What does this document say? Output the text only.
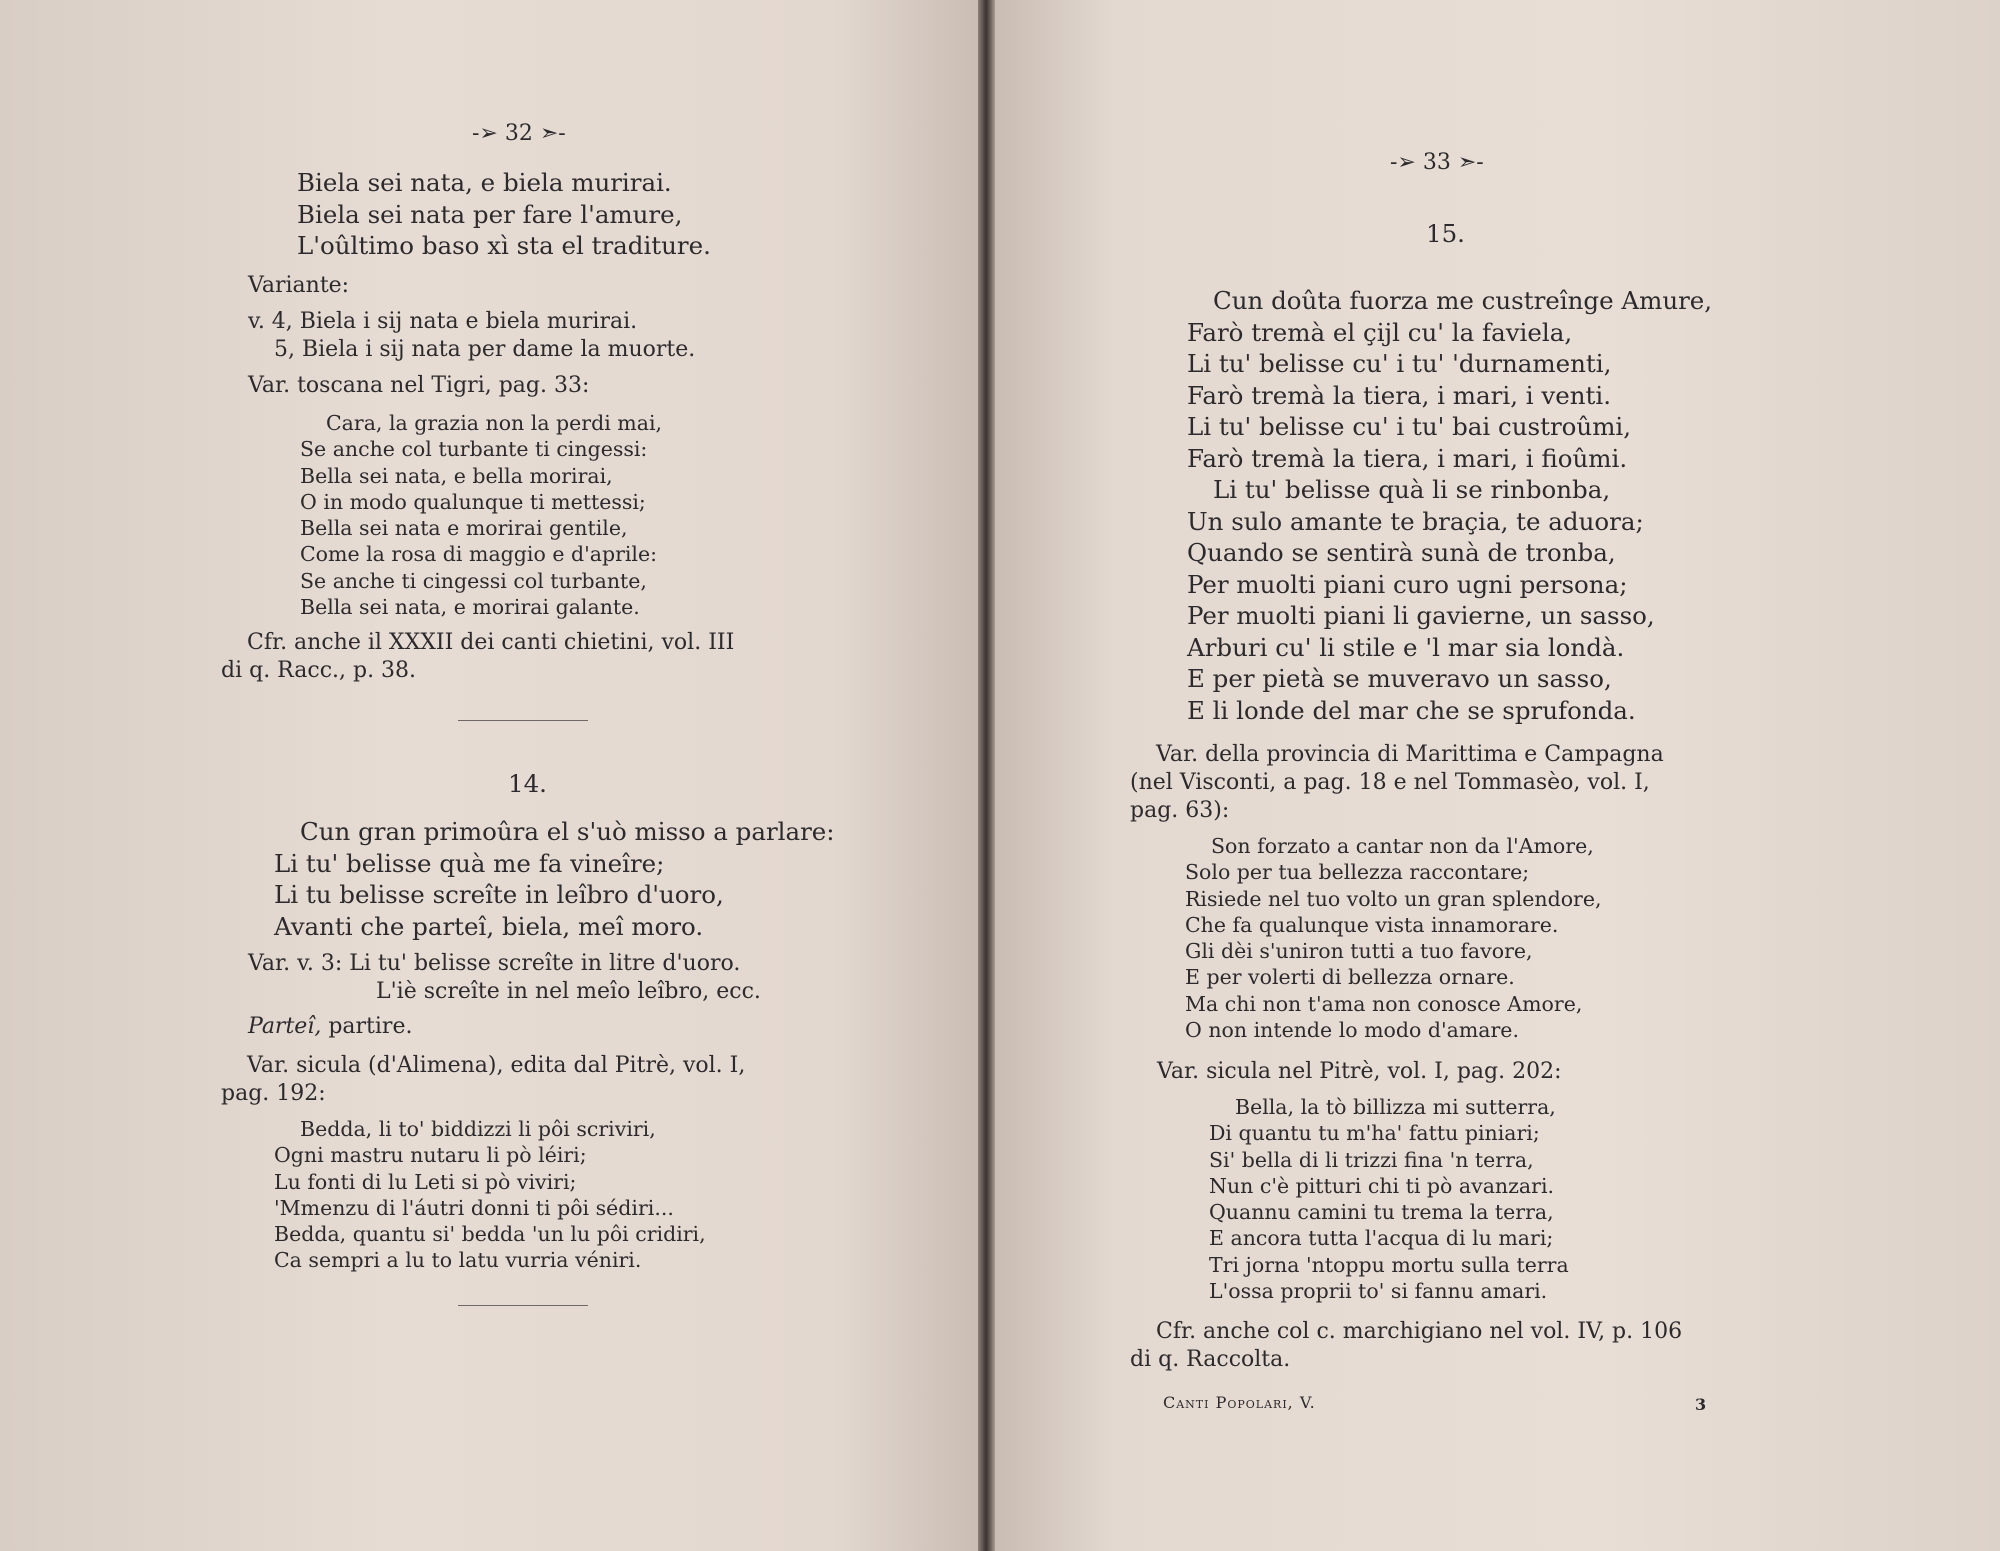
-➢ 32 ➣-
Biela sei nata, e biela murirai.
Biela sei nata per fare l'amure,
L'oûltimo baso xì sta el traditure.
Variante:
v. 4, Biela i sij nata e biela murirai.
5, Biela i sij nata per dame la muorte.
Var. toscana nel Tigri, pag. 33:
Cara, la grazia non la perdi mai,
Se anche col turbante ti cingessi:
Bella sei nata, e bella morirai,
O in modo qualunque ti mettessi;
Bella sei nata e morirai gentile,
Come la rosa di maggio e d'aprile:
Se anche ti cingessi col turbante,
Bella sei nata, e morirai galante.
Cfr. anche il XXXII dei canti chietini, vol. III
di q. Racc., p. 38.
14.
Cun gran primoûra el s'uò misso a parlare:
Li tu' belisse quà me fa vineîre;
Li tu belisse screîte in leîbro d'uoro,
Avanti che parteî, biela, meî moro.
Var. v. 3: Li tu' belisse screîte in litre d'uoro.
L'iè screîte in nel meîo leîbro, ecc.
Parteî, partire.
Var. sicula (d'Alimena), edita dal Pitrè, vol. I,
pag. 192:
Bedda, li to' biddizzi li pôi scriviri,
Ogni mastru nutaru li pò léiri;
Lu fonti di lu Leti si pò viviri;
'Mmenzu di l'áutri donni ti pôi sédiri...
Bedda, quantu si' bedda 'un lu pôi cridiri,
Ca sempri a lu to latu vurria véniri.
-➢ 33 ➣-
15.
Cun doûta fuorza me custreînge Amure,
Farò tremà el çijl cu' la faviela,
Li tu' belisse cu' i tu' 'durnamenti,
Farò tremà la tiera, i mari, i venti.
Li tu' belisse cu' i tu' bai custroûmi,
Farò tremà la tiera, i mari, i fioûmi.
Li tu' belisse quà li se rinbonba,
Un sulo amante te braçia, te aduora;
Quando se sentirà sunà de tronba,
Per muolti piani curo ugni persona;
Per muolti piani li gavierne, un sasso,
Arburi cu' li stile e 'l mar sia londà.
E per pietà se muveravo un sasso,
E li londe del mar che se sprufonda.
Var. della provincia di Marittima e Campagna
(nel Visconti, a pag. 18 e nel Tommasèo, vol. I,
pag. 63):
Son forzato a cantar non da l'Amore,
Solo per tua bellezza raccontare;
Risiede nel tuo volto un gran splendore,
Che fa qualunque vista innamorare.
Gli dèi s'uniron tutti a tuo favore,
E per volerti di bellezza ornare.
Ma chi non t'ama non conosce Amore,
O non intende lo modo d'amare.
Var. sicula nel Pitrè, vol. I, pag. 202:
Bella, la tò billizza mi sutterra,
Di quantu tu m'ha' fattu piniari;
Si' bella di li trizzi fina 'n terra,
Nun c'è pitturi chi ti pò avanzari.
Quannu camini tu trema la terra,
E ancora tutta l'acqua di lu mari;
Tri jorna 'ntoppu mortu sulla terra
L'ossa proprii to' si fannu amari.
Cfr. anche col c. marchigiano nel vol. IV, p. 106
di q. Raccolta.
Canti Popolari, V.	3
